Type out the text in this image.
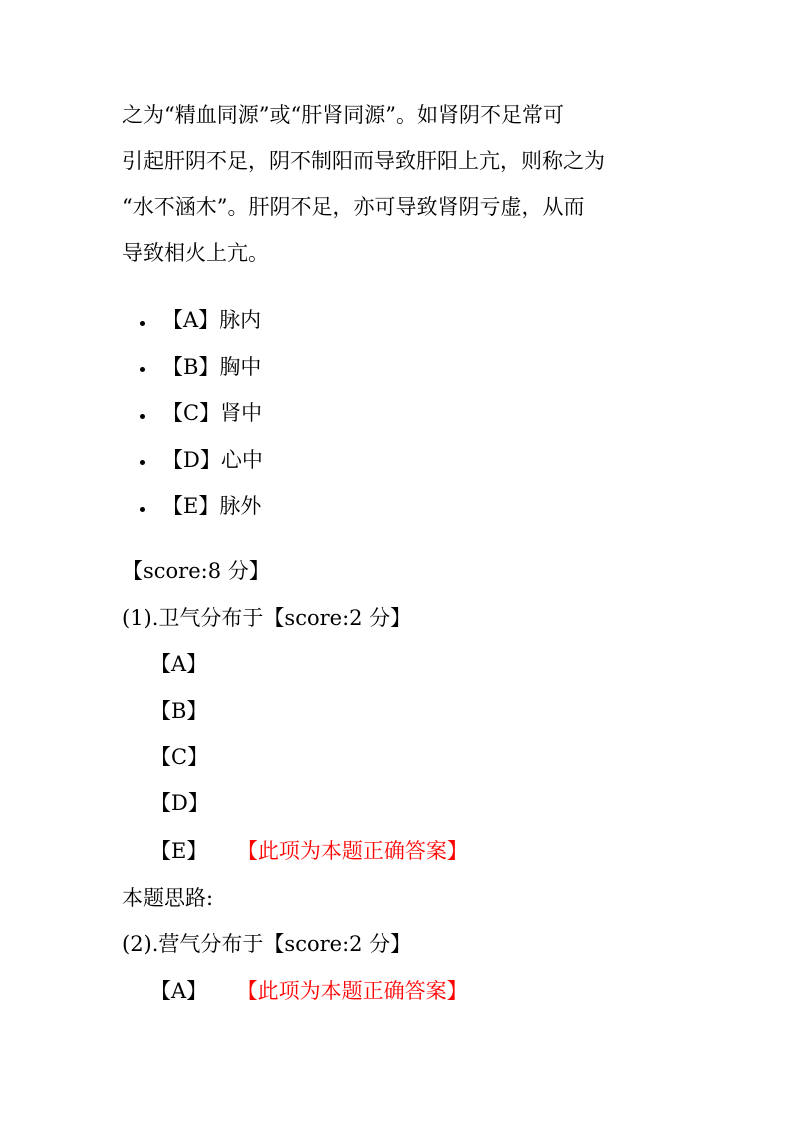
之为“精血同源”或“肝肾同源”。如肾阴不足常可
引起肝阴不足，阴不制阳而导致肝阳上亢，则称之为
“水不涵木”。肝阴不足，亦可导致肾阴亏虚，从而
导致相火上亢。
【A】脉内
【B】胸中
【C】肾中
【D】心中
【E】脉外
【score:8 分】
(1).卫气分布于【score:2 分】
【A】
【B】
【C】
【D】
【E】 【此项为本题正确答案】
本题思路:
(2).营气分布于【score:2 分】
【A】 【此项为本题正确答案】
